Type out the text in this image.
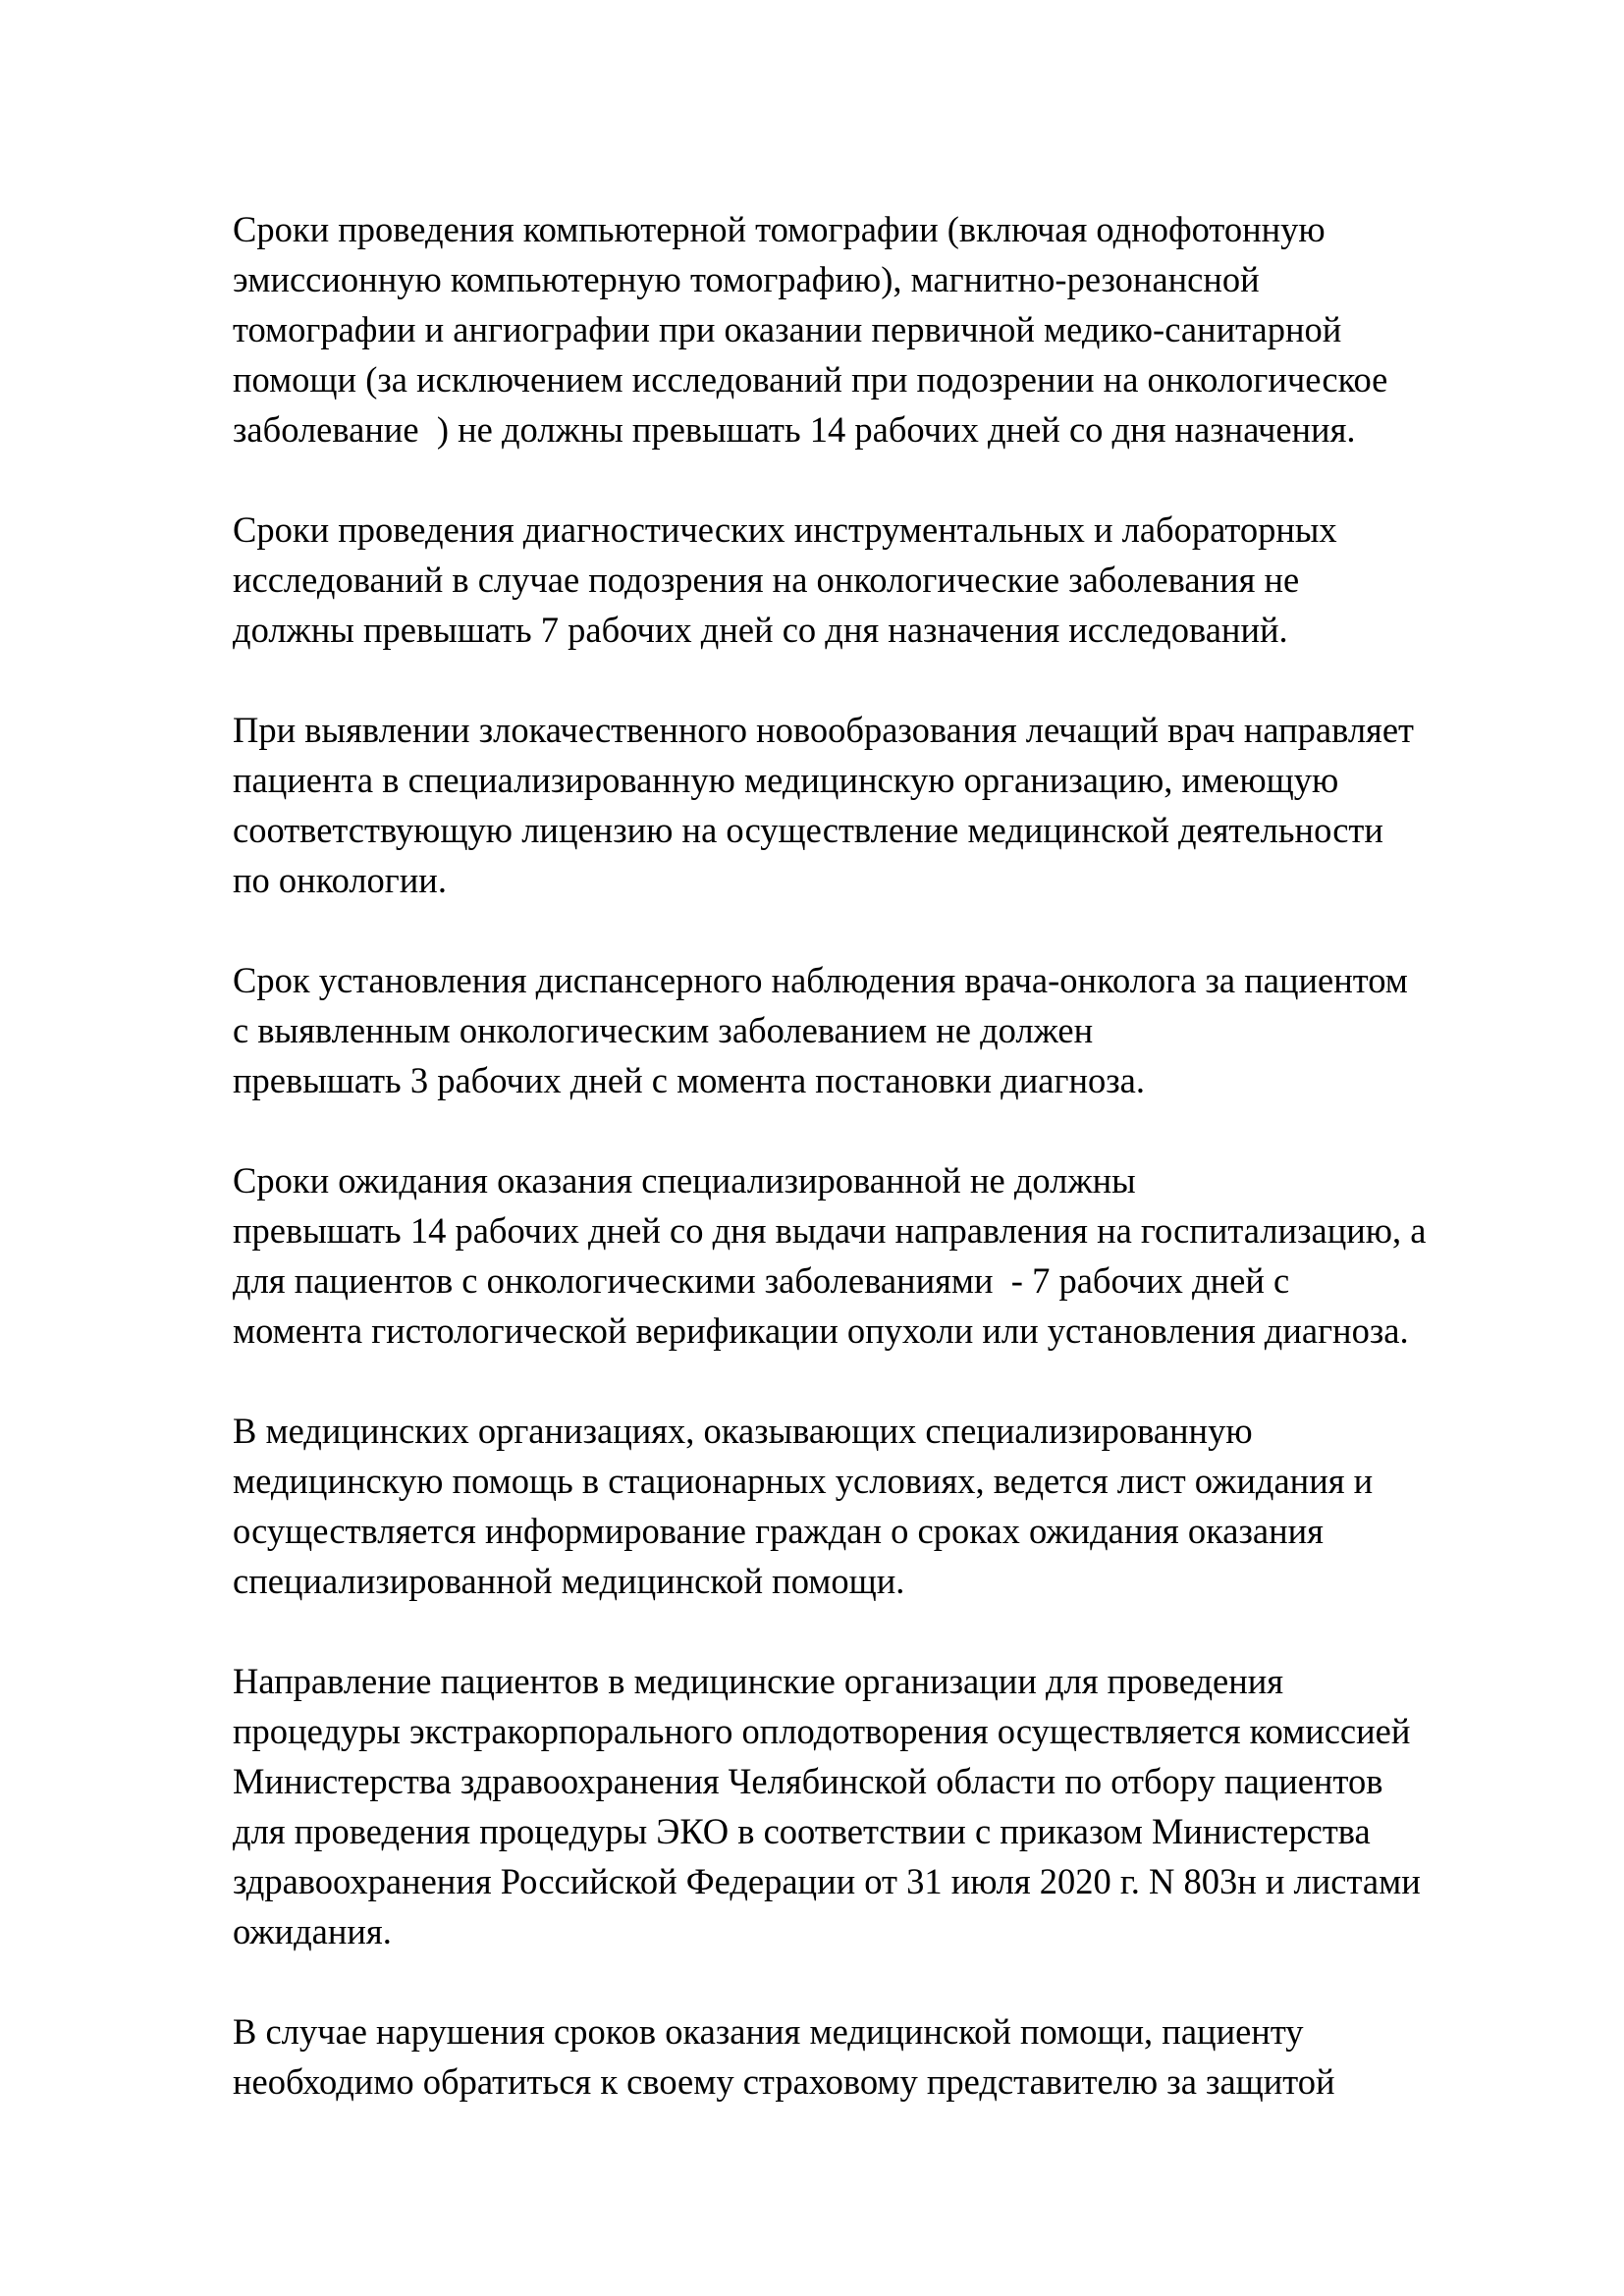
Сроки проведения компьютерной томографии (включая однофотонную
эмиссионную компьютерную томографию), магнитно-резонансной
томографии и ангиографии при оказании первичной медико-санитарной
помощи (за исключением исследований при подозрении на онкологическое
заболевание  ) не должны превышать 14 рабочих дней со дня назначения.

Сроки проведения диагностических инструментальных и лабораторных
исследований в случае подозрения на онкологические заболевания не
должны превышать 7 рабочих дней со дня назначения исследований.

При выявлении злокачественного новообразования лечащий врач направляет
пациента в специализированную медицинскую организацию, имеющую
соответствующую лицензию на осуществление медицинской деятельности
по онкологии.

Срок установления диспансерного наблюдения врача-онколога за пациентом
с выявленным онкологическим заболеванием не должен
превышать 3 рабочих дней с момента постановки диагноза.

Сроки ожидания оказания специализированной не должны
превышать 14 рабочих дней со дня выдачи направления на госпитализацию, а
для пациентов с онкологическими заболеваниями  - 7 рабочих дней с
момента гистологической верификации опухоли или установления диагноза.

В медицинских организациях, оказывающих специализированную
медицинскую помощь в стационарных условиях, ведется лист ожидания и
осуществляется информирование граждан о сроках ожидания оказания
специализированной медицинской помощи.

Направление пациентов в медицинские организации для проведения
процедуры экстракорпорального оплодотворения осуществляется комиссией
Министерства здравоохранения Челябинской области по отбору пациентов
для проведения процедуры ЭКО в соответствии с приказом Министерства
здравоохранения Российской Федерации от 31 июля 2020 г. N 803н и листами
ожидания.

В случае нарушения сроков оказания медицинской помощи, пациенту
необходимо обратиться к своему страховому представителю за защитой
